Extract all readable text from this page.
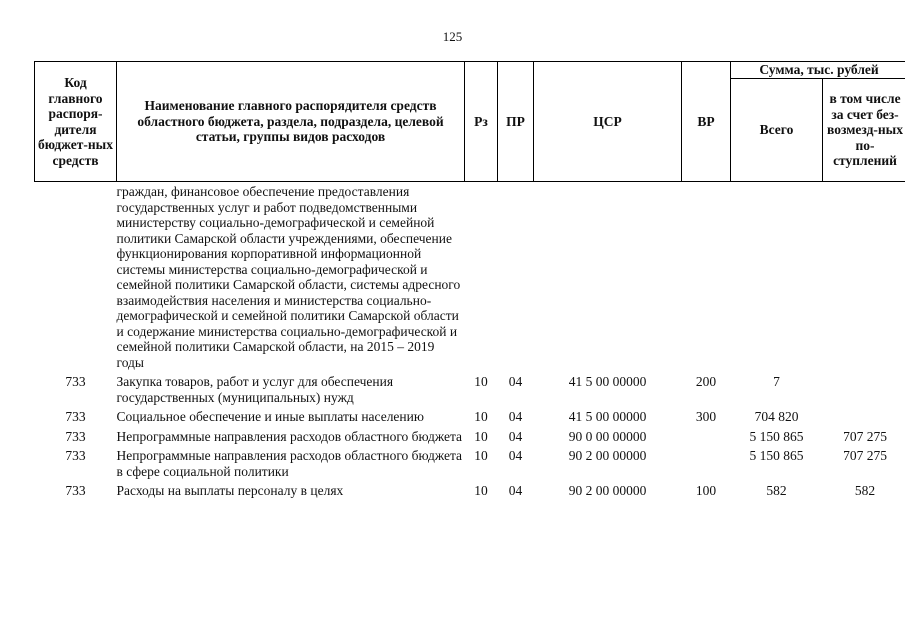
125
Код главного распоря-дителя бюджет-ных средств	Наименование главного распорядителя средств областного бюджета, раздела, подраздела, целевой статьи, группы видов расходов	Рз	ПР	ЦСР	ВР	Сумма, тыс. рублей	
						Всего	в том числе за счет без-возмезд-ных по-ступлений
	граждан, финансовое обеспечение предоставления государственных услуг и работ подведомственными министерству социально-демографической и семейной политики Самарской области учреждениями, обеспечение функционирования корпоративной информационной системы министерства социально-демографической и семейной политики Самарской области, системы адресного взаимодействия населения и министерства социально-демографической и семейной политики Самарской области и содержание министерства социально-демографической и семейной политики Самарской области, на 2015 – 2019 годы						
733	Закупка товаров, работ и услуг для обеспечения государственных (муниципальных) нужд	10	04	41 5 00 00000	200	7	
733	Социальное обеспечение и иные выплаты населению	10	04	41 5 00 00000	300	704 820	
733	Непрограммные направления расходов областного бюджета	10	04	90 0 00 00000		5 150 865	707 275
733	Непрограммные направления расходов областного бюджета в сфере социальной политики	10	04	90 2 00 00000		5 150 865	707 275
733	Расходы на выплаты персоналу в целях	10	04	90 2 00 00000	100	582	582
